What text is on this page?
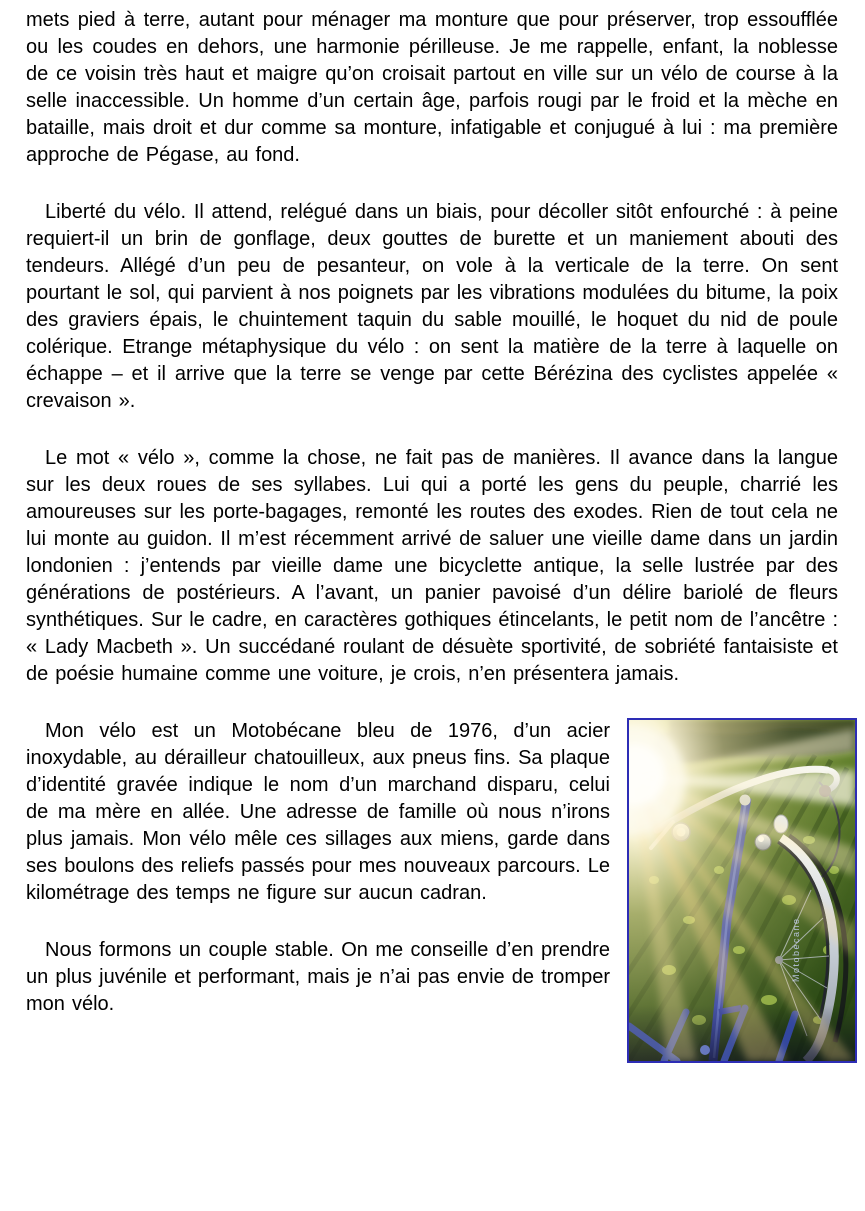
mets pied à terre, autant pour ménager ma monture que pour préserver, trop essoufflée ou les coudes en dehors, une harmonie périlleuse. Je me rappelle, enfant, la noblesse de ce voisin très haut et maigre qu’on croisait partout en ville sur un vélo de course à la selle inaccessible. Un homme d’un certain âge, parfois rougi par le froid et la mèche en bataille, mais droit et dur comme sa monture, infatigable et conjugué à lui : ma première approche de Pégase, au fond.

Liberté du vélo. Il attend, relégué dans un biais, pour décoller sitôt enfourché : à peine requiert-il un brin de gonflage, deux gouttes de burette et un maniement abouti des tendeurs. Allégé d’un peu de pesanteur, on vole à la verticale de la terre. On sent pourtant le sol, qui parvient à nos poignets par les vibrations modulées du bitume, la poix des graviers épais, le chuintement taquin du sable mouillé, le hoquet du nid de poule colérique. Etrange métaphysique du vélo : on sent la matière de la terre à laquelle on échappe – et il arrive que la terre se venge par cette Bérézina des cyclistes appelée « crevaison ».

Le mot « vélo », comme la chose, ne fait pas de manières. Il avance dans la langue sur les deux roues de ses syllabes. Lui qui a porté les gens du peuple, charrié les amoureuses sur les porte-bagages, remonté les routes des exodes. Rien de tout cela ne lui monte au guidon. Il m’est récemment arrivé de saluer une vieille dame dans un jardin londonien : j’entends par vieille dame une bicyclette antique, la selle lustrée par des générations de postérieurs. A l’avant, un panier pavoisé d’un délire bariolé de fleurs synthétiques. Sur le cadre, en caractères gothiques étincelants, le petit nom de l’ancêtre : « Lady Macbeth ». Un succédané roulant de désuète sportivité, de sobriété fantaisiste et de poésie humaine comme une voiture, je crois, n’en présentera jamais.

Mon vélo est un Motobécane bleu de 1976, d’un acier inoxydable, au dérailleur chatouilleux, aux pneus fins. Sa plaque d’identité gravée indique le nom d’un marchand disparu, celui de ma mère en allée. Une adresse de famille où nous n’irons plus jamais. Mon vélo mêle ces sillages aux miens, garde dans ses boulons des reliefs passés pour mes nouveaux parcours. Le kilométrage des temps ne figure sur aucun cadran.

Nous formons un couple stable. On me conseille d’en prendre un plus juvénile et performant, mais je n’ai pas envie de tromper mon vélo.
